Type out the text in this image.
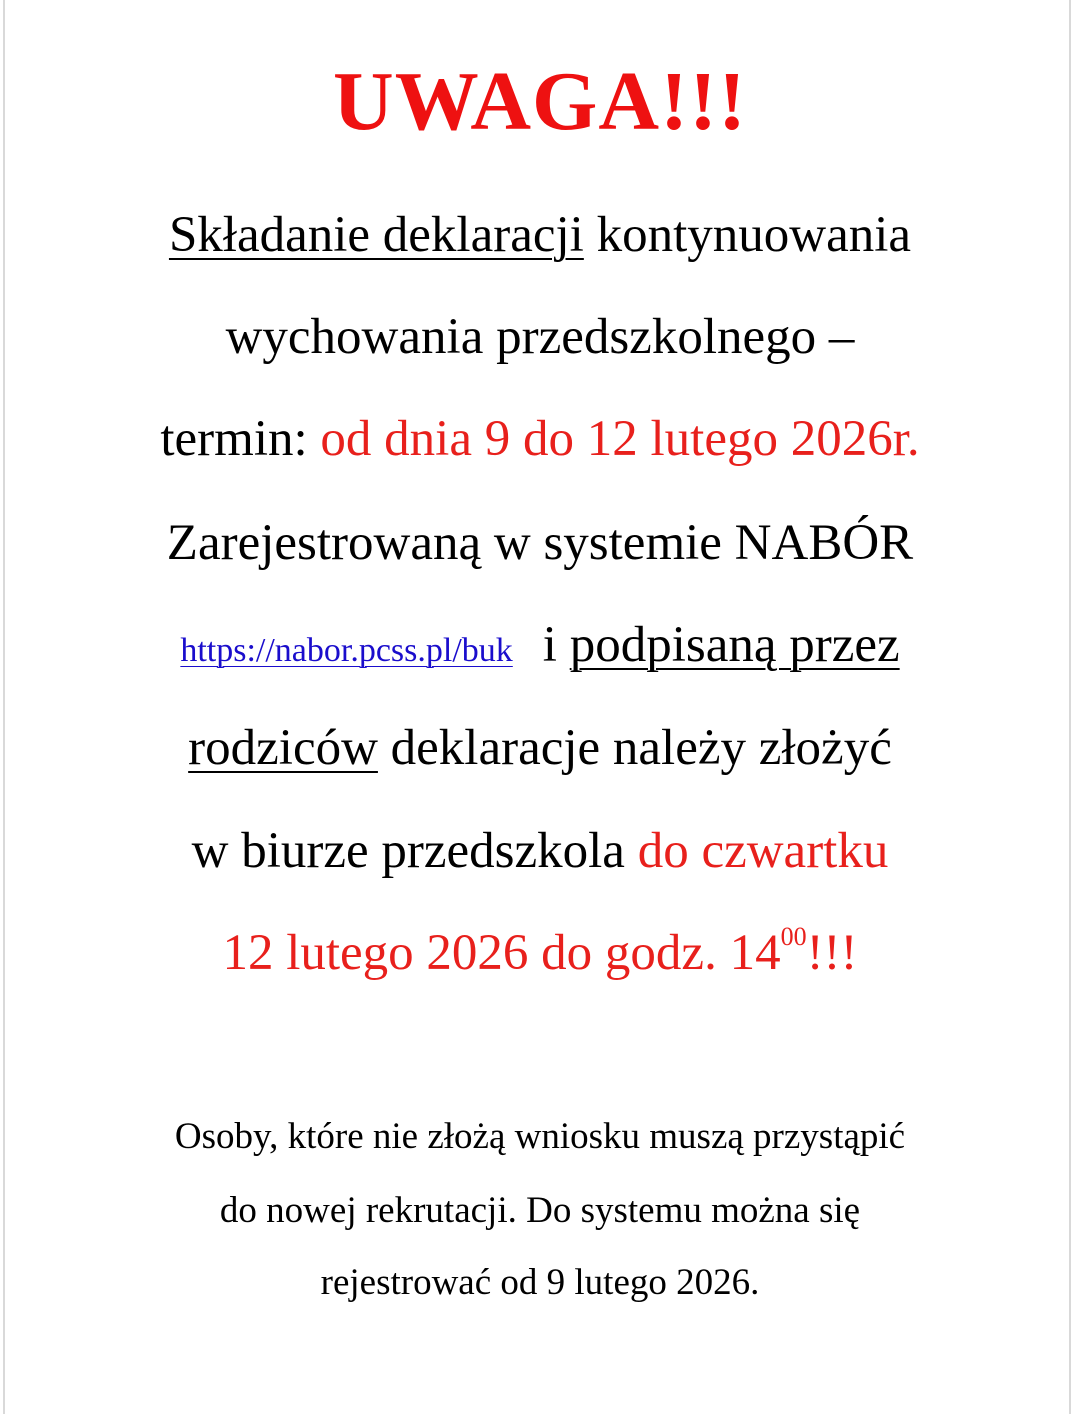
UWAGA!!!
Składanie deklaracji kontynuowania
wychowania przedszkolnego –
termin: od dnia 9 do 12 lutego 2026r.
Zarejestrowaną w systemie NABÓR
https://nabor.pcss.pl/buk i podpisaną przez
rodziców deklaracje należy złożyć
w biurze przedszkola do czwartku
12 lutego 2026 do godz. $14^{00}$!!!
Osoby, które nie złożą wniosku muszą przystąpić
do nowej rekrutacji. Do systemu można się
rejestrować od 9 lutego 2026.
